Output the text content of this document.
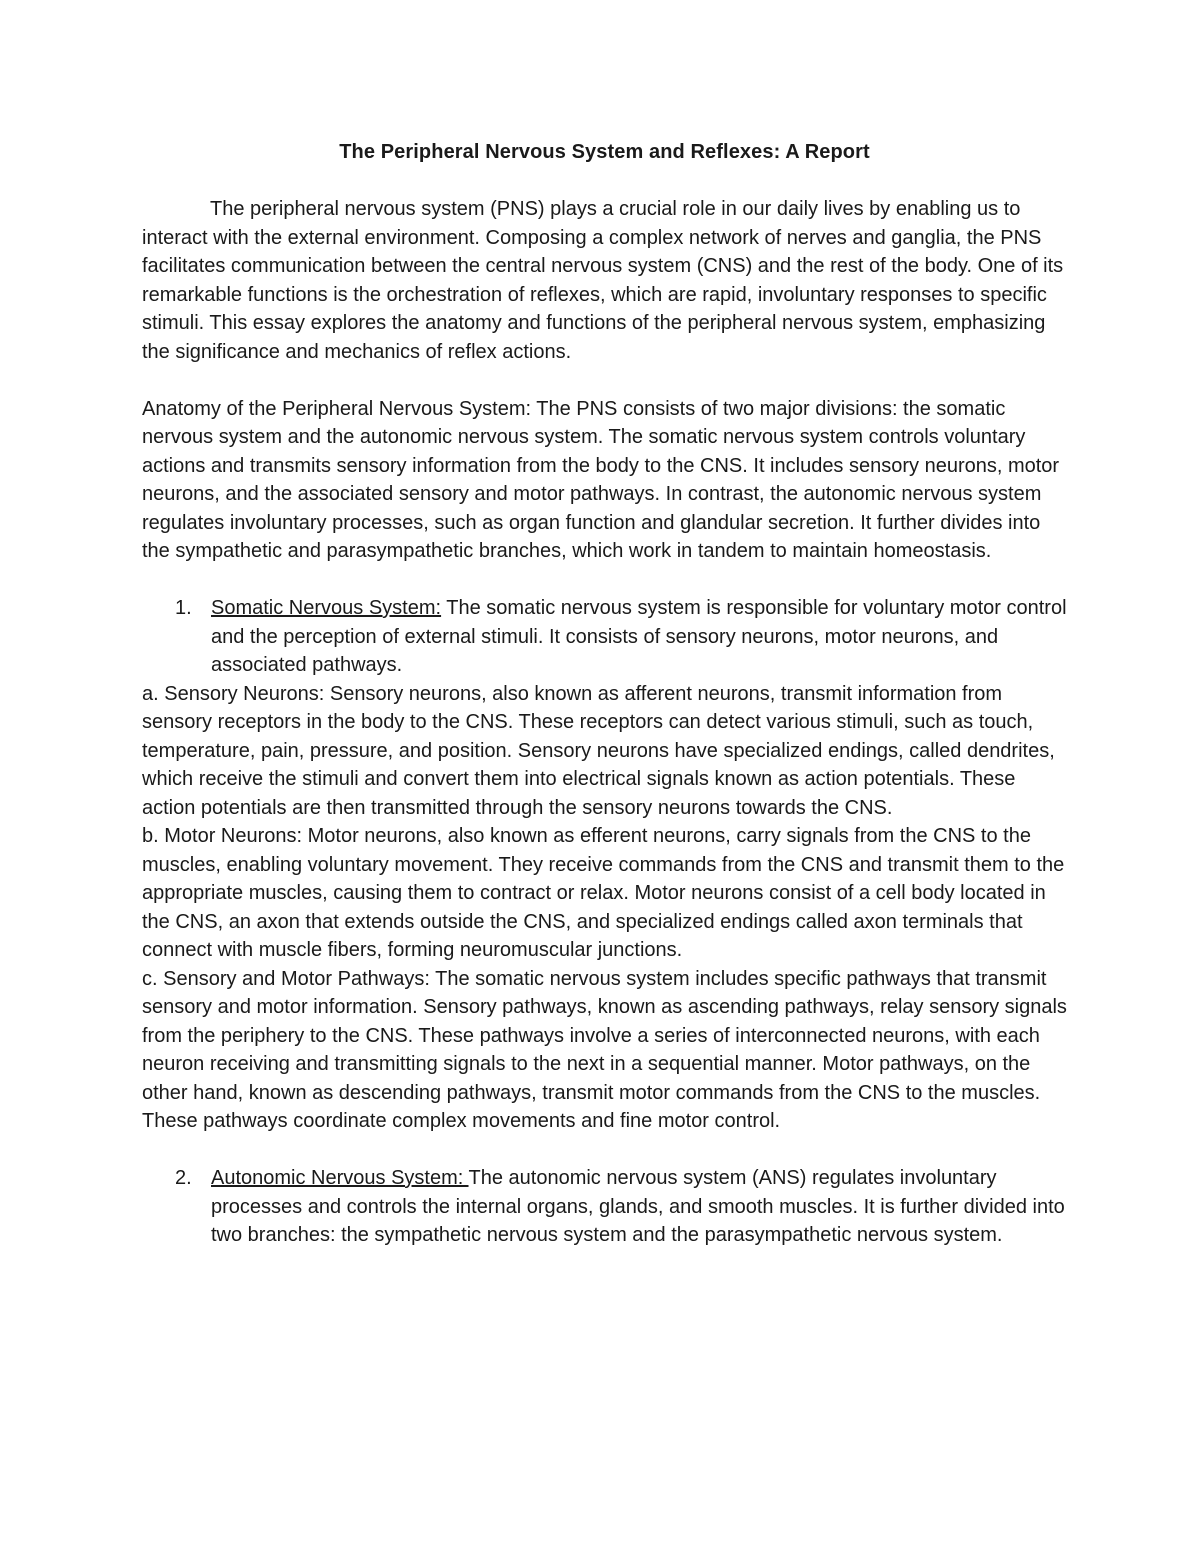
The Peripheral Nervous System and Reflexes: A Report

The peripheral nervous system (PNS) plays a crucial role in our daily lives by enabling us to interact with the external environment. Composing a complex network of nerves and ganglia, the PNS facilitates communication between the central nervous system (CNS) and the rest of the body. One of its remarkable functions is the orchestration of reflexes, which are rapid, involuntary responses to specific stimuli. This essay explores the anatomy and functions of the peripheral nervous system, emphasizing the significance and mechanics of reflex actions.

Anatomy of the Peripheral Nervous System: The PNS consists of two major divisions: the somatic nervous system and the autonomic nervous system. The somatic nervous system controls voluntary actions and transmits sensory information from the body to the CNS. It includes sensory neurons, motor neurons, and the associated sensory and motor pathways. In contrast, the autonomic nervous system regulates involuntary processes, such as organ function and glandular secretion. It further divides into the sympathetic and parasympathetic branches, which work in tandem to maintain homeostasis.

1. Somatic Nervous System: The somatic nervous system is responsible for voluntary motor control and the perception of external stimuli. It consists of sensory neurons, motor neurons, and associated pathways.

a. Sensory Neurons: Sensory neurons, also known as afferent neurons, transmit information from sensory receptors in the body to the CNS. These receptors can detect various stimuli, such as touch, temperature, pain, pressure, and position. Sensory neurons have specialized endings, called dendrites, which receive the stimuli and convert them into electrical signals known as action potentials. These action potentials are then transmitted through the sensory neurons towards the CNS.

b. Motor Neurons: Motor neurons, also known as efferent neurons, carry signals from the CNS to the muscles, enabling voluntary movement. They receive commands from the CNS and transmit them to the appropriate muscles, causing them to contract or relax. Motor neurons consist of a cell body located in the CNS, an axon that extends outside the CNS, and specialized endings called axon terminals that connect with muscle fibers, forming neuromuscular junctions.

c. Sensory and Motor Pathways: The somatic nervous system includes specific pathways that transmit sensory and motor information. Sensory pathways, known as ascending pathways, relay sensory signals from the periphery to the CNS. These pathways involve a series of interconnected neurons, with each neuron receiving and transmitting signals to the next in a sequential manner. Motor pathways, on the other hand, known as descending pathways, transmit motor commands from the CNS to the muscles. These pathways coordinate complex movements and fine motor control.

2. Autonomic Nervous System: The autonomic nervous system (ANS) regulates involuntary processes and controls the internal organs, glands, and smooth muscles. It is further divided into two branches: the sympathetic nervous system and the parasympathetic nervous system.
